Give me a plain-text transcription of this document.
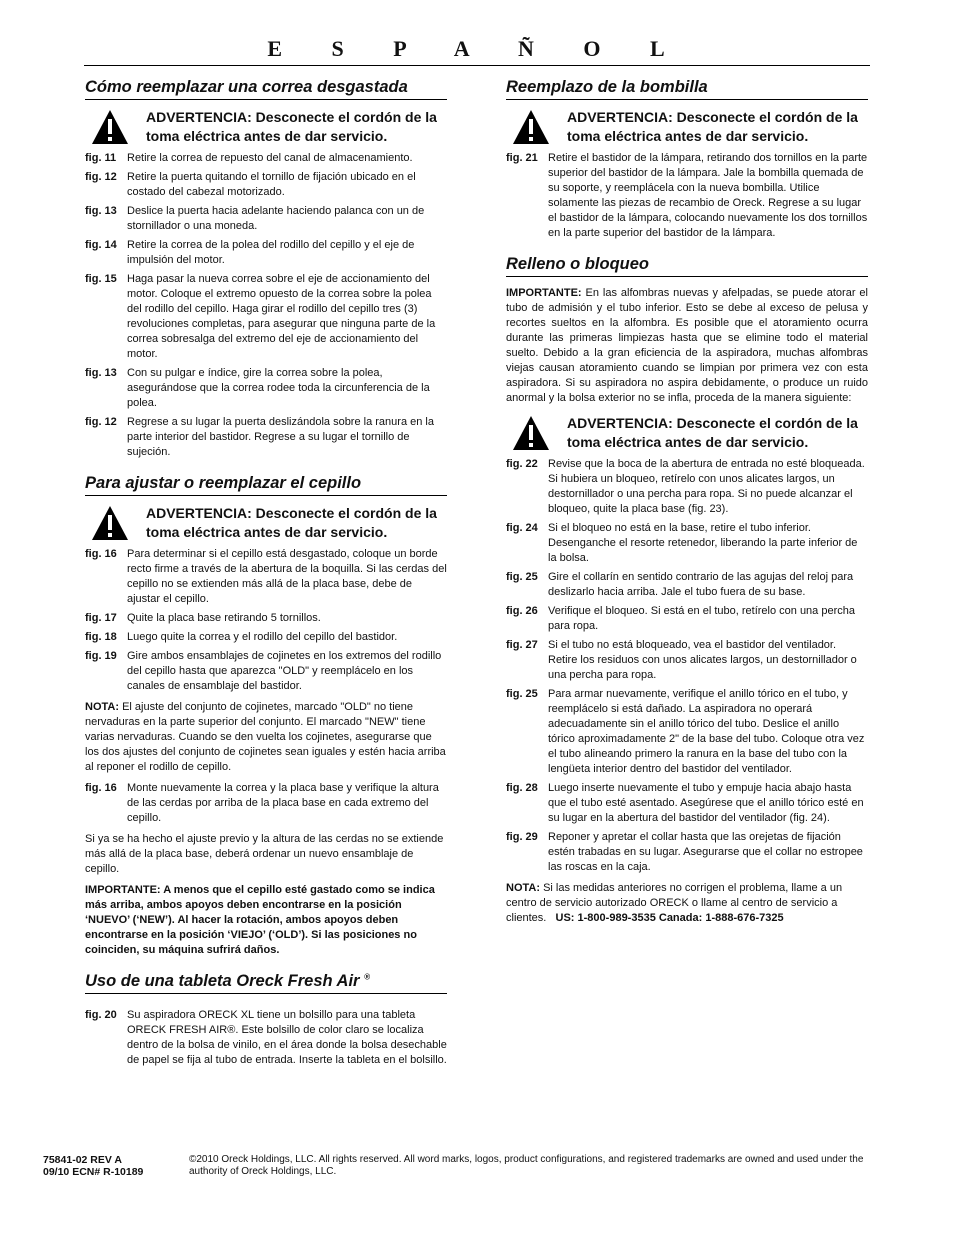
E S P A Ñ O L
Cómo reemplazar una correa desgastada
ADVERTENCIA: Desconecte el cordón de la toma eléctrica antes de dar servicio.
fig. 11 Retire la correa de repuesto del canal de almacenamiento.
fig. 12 Retire la puerta quitando el tornillo de fijación ubicado en el costado del cabezal motorizado.
fig. 13 Deslice la puerta hacia adelante haciendo palanca con un de stornillador o una moneda.
fig. 14 Retire la correa de la polea del rodillo del cepillo y el eje de impulsión del motor.
fig. 15 Haga pasar la nueva correa sobre el eje de accionamiento del motor. Coloque el extremo opuesto de la correa sobre la polea del rodillo del cepillo. Haga girar el rodillo del cepillo tres (3) revoluciones completas, para asegurar que ninguna parte de la correa sobresalga del extremo del eje de accionamiento del motor.
fig. 13 Con su pulgar e índice, gire la correa sobre la polea, asegurándose que la correa rodee toda la circunferencia de la polea.
fig. 12 Regrese a su lugar la puerta deslizándola sobre la ranura en la parte interior del bastidor. Regrese a su lugar el tornillo de sujeción.
Para ajustar o reemplazar el cepillo
ADVERTENCIA: Desconecte el cordón de la toma eléctrica antes de dar servicio.
fig. 16 Para determinar si el cepillo está desgastado, coloque un borde recto firme a través de la abertura de la boquilla. Si las cerdas del cepillo no se extienden más allá de la placa base, debe de ajustar el cepillo.
fig. 17 Quite la placa base retirando 5 tornillos.
fig. 18 Luego quite la correa y el rodillo del cepillo del bastidor.
fig. 19 Gire ambos ensamblajes de cojinetes en los extremos del rodillo del cepillo hasta que aparezca "OLD" y reemplácelo en los canales de ensamblaje del bastidor.

NOTA: El ajuste del conjunto de cojinetes, marcado "OLD" no tiene nervaduras en la parte superior del conjunto. El marcado "NEW" tiene varias nervaduras. Cuando se den vuelta los cojinetes, asegurarse que los dos ajustes del conjunto de cojinetes sean iguales y estén hacia arriba al reponer el rodillo de cepillo.

fig. 16 Monte nuevamente la correa y la placa base y verifique la altura de las cerdas por arriba de la placa base en cada extremo del cepillo.

Si ya se ha hecho el ajuste previo y la altura de las cerdas no se extiende más allá de la placa base, deberá ordenar un nuevo ensamblaje de cepillo.

IMPORTANTE: A menos que el cepillo esté gastado como se indica más arriba, ambos apoyos deben encontrarse en la posición ‘NUEVO’ (‘NEW’). Al hacer la rotación, ambos apoyos deben encontrarse en la posición ‘VIEJO’ (‘OLD’). Si las posiciones no coinciden, su máquina sufrirá daños.

Uso de una tableta Oreck Fresh Air ®
fig. 20 Su aspiradora ORECK XL tiene un bolsillo para una tableta ORECK FRESH AIR®. Este bolsillo de color claro se localiza dentro de la bolsa de vinilo, en el área donde la bolsa desechable de papel se fija al tubo de entrada. Inserte la tableta en el bolsillo.
Reemplazo de la bombilla
ADVERTENCIA: Desconecte el cordón de la toma eléctrica antes de dar servicio.
fig. 21 Retire el bastidor de la lámpara, retirando dos tornillos en la parte superior del bastidor de la lámpara. Jale la bombilla quemada de su soporte, y reemplácela con la nueva bombilla. Utilice solamente las piezas de recambio de Oreck. Regrese a su lugar el bastidor de la lámpara, colocando nuevamente los dos tornillos en la parte superior del bastidor de la lámpara.
Relleno o bloqueo

IMPORTANTE: En las alfombras nuevas y afelpadas, se puede atorar el tubo de admisión y el tubo inferior. Esto se debe al exceso de pelusa y recortes sueltos en la alfombra. Es posible que el atoramiento ocurra durante las primeras limpiezas hasta que se elimine todo el material suelto. Debido a la gran eficiencia de la aspiradora, muchas alfombras viejas causan atoramiento cuando se limpian por primera vez con esta aspiradora. Si su aspiradora no aspira debidamente, o produce un ruido anormal y la bolsa exterior no se infla, proceda de la manera siguiente:

ADVERTENCIA: Desconecte el cordón de la toma eléctrica antes de dar servicio.
fig. 22 Revise que la boca de la abertura de entrada no esté bloqueada. Si hubiera un bloqueo, retírelo con unos alicates largos, un destornillador o una percha para ropa. Si no puede alcanzar el bloqueo, quite la placa base (fig. 23).
fig. 24 Si el bloqueo no está en la base, retire el tubo inferior. Desenganche el resorte retenedor, liberando la parte inferior de la bolsa.
fig. 25 Gire el collarín en sentido contrario de las agujas del reloj para deslizarlo hacia arriba. Jale el tubo fuera de su base.
fig. 26 Verifique el bloqueo. Si está en el tubo, retírelo con una percha para ropa.
fig. 27 Si el tubo no está bloqueado, vea el bastidor del ventilador. Retire los residuos con unos alicates largos, un destornillador o una percha para ropa.
fig. 25 Para armar nuevamente, verifique el anillo tórico en el tubo, y reemplácelo si está dañado. La aspiradora no operará adecuadamente sin el anillo tórico del tubo. Deslice el anillo tórico aproximadamente 2" de la base del tubo. Coloque otra vez el tubo alineando primero la ranura en la base del tubo con la lengüeta interior dentro del bastidor del ventilador.
fig. 28 Luego inserte nuevamente el tubo y empuje hacia abajo hasta que el tubo esté asentado. Asegúrese que el anillo tórico esté en su lugar en la abertura del bastidor del ventilador (fig. 24).
fig. 29 Reponer y apretar el collar hasta que las orejetas de fijación estén trabadas en su lugar. Asegurarse que el collar no estropee las roscas en la caja.

NOTA: Si las medidas anteriores no corrigen el problema, llame a un centro de servicio autorizado ORECK o llame al centro de servicio a clientes. US: 1-800-989-3535 Canada: 1-888-676-7325

75841-02 REV A
09/10 ECN# R-10189
©2010 Oreck Holdings, LLC. All rights reserved. All word marks, logos, product configurations, and registered trademarks are owned and used under the authority of Oreck Holdings, LLC.
